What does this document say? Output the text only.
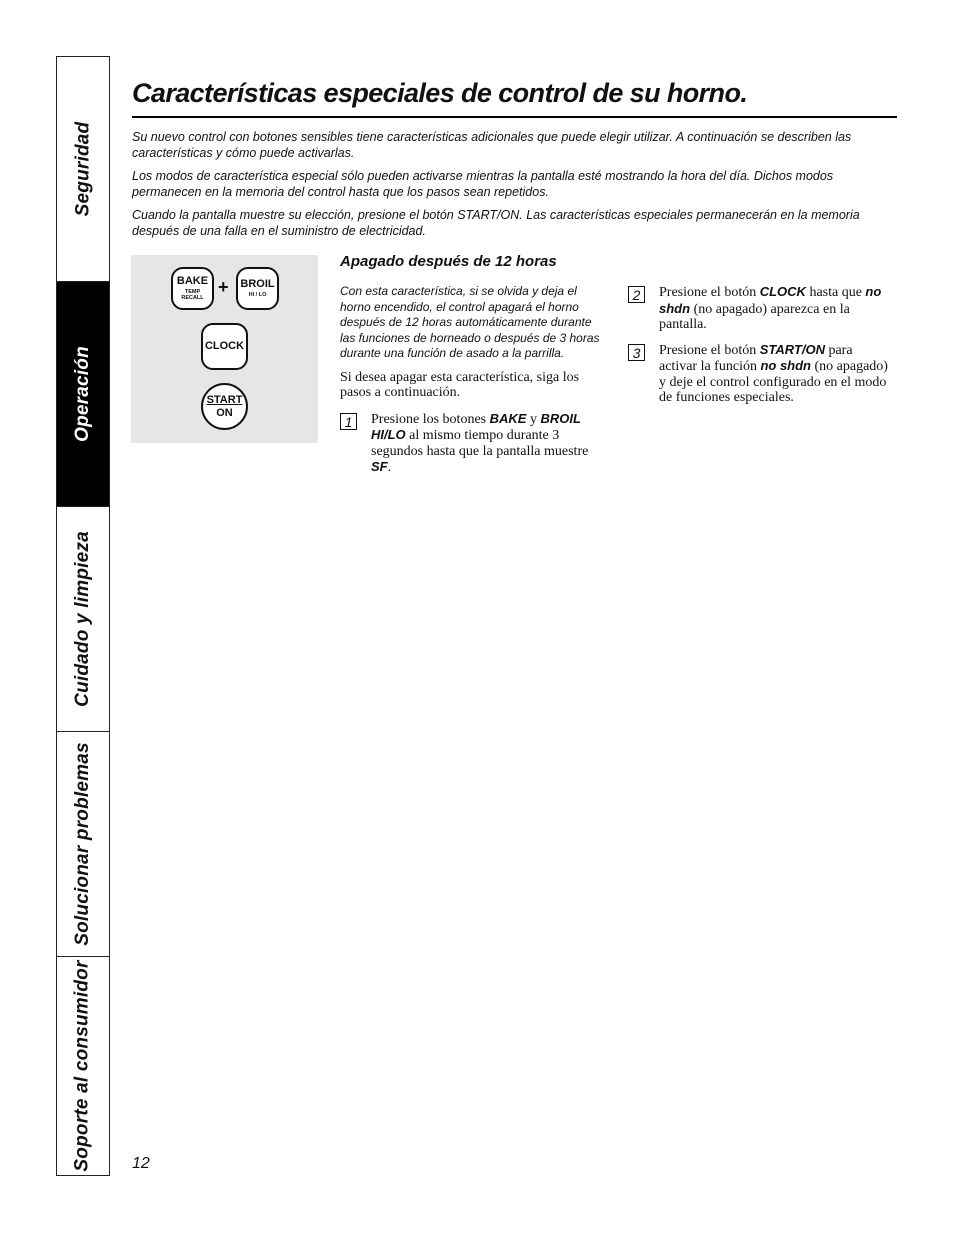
Seguridad
Operación
Cuidado y limpieza
Solucionar problemas
Soporte al consumidor
Características especiales de control de su horno.

Su nuevo control con botones sensibles tiene características adicionales que puede elegir utilizar. A continuación se describen las características y cómo puede activarlas.

Los modos de característica especial sólo pueden activarse mientras la pantalla esté mostrando la hora del día. Dichos modos permanecen en la memoria del control hasta que los pasos sean repetidos.

Cuando la pantalla muestre su elección, presione el botón START/ON. Las características especiales permanecerán en la memoria después de una falla en el suministro de electricidad.

BAKE
TEMP RECALL
+ BROIL
HI / LO
CLOCK
START
ON
Apagado después de 12 horas

Con esta característica, si se olvida y deja el horno encendido, el control apagará el horno después de 12 horas automáticamente durante las funciones de horneado o después de 3 horas durante una función de asado a la parrilla.

Si desea apagar esta característica, siga los pasos a continuación.

1	Presione los botones BAKE y BROIL HI/LO al mismo tiempo durante 3 segundos hasta que la pantalla muestre SF.
2	Presione el botón CLOCK hasta que no shdn (no apagado) aparezca en la pantalla.
3	Presione el botón START/ON para activar la función no shdn (no apagado) y deje el control configurado en el modo de funciones especiales.
12
